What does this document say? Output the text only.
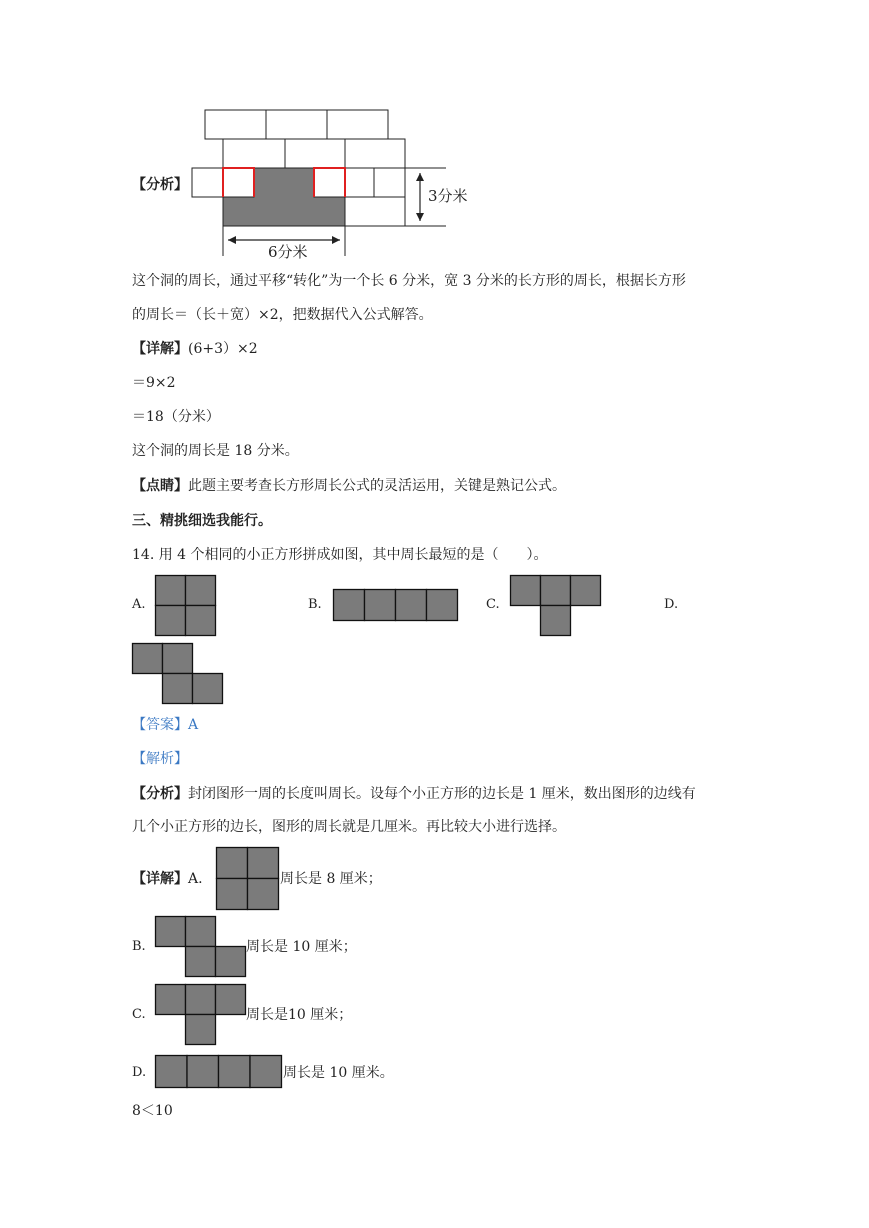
【分析】
3分米
6分米
这个洞的周长，通过平移“转化”为一个长 6 分米，宽 3 分米的长方形的周长，根据长方形
的周长＝（长＋宽）×2，把数据代入公式解答。
【详解】(6+3）×2
＝9×2
＝18（分米）
这个洞的周长是 18 分米。
【点睛】此题主要考查长方形周长公式的灵活运用，关键是熟记公式。
三、精挑细选我能行。
14. 用 4 个相同的小正方形拼成如图，其中周长最短的是（　　）。
A.	B.	C.	D.
【答案】A
【解析】
【分析】封闭图形一周的长度叫周长。设每个小正方形的边长是 1 厘米，数出图形的边线有
几个小正方形的边长，图形的周长就是几厘米。再比较大小进行选择。
【详解】A.	周长是 8 厘米；
B.	周长是 10 厘米；
C.	周长是10 厘米；
D.	周长是 10 厘米。
8＜10
